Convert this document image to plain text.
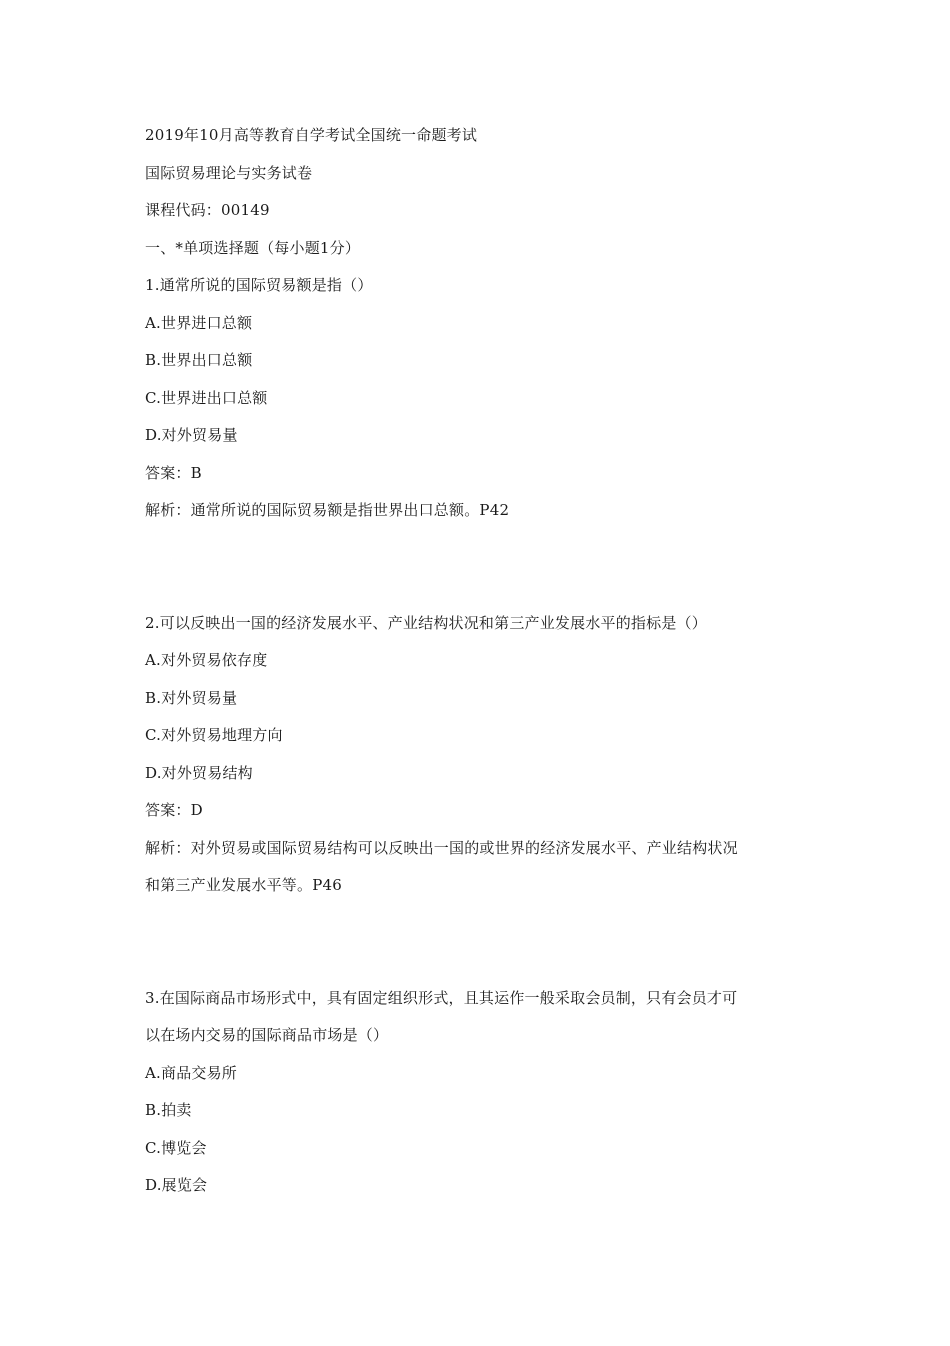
2019年10月高等教育自学考试全国统一命题考试
国际贸易理论与实务试卷
课程代码：00149
一、*单项选择题（每小题1分）
1.通常所说的国际贸易额是指（）
A.世界进口总额
B.世界出口总额
C.世界进出口总额
D.对外贸易量
答案：B
解析：通常所说的国际贸易额是指世界出口总额。P42
2.可以反映出一国的经济发展水平、产业结构状况和第三产业发展水平的指标是（）
A.对外贸易依存度
B.对外贸易量
C.对外贸易地理方向
D.对外贸易结构
答案：D
解析：对外贸易或国际贸易结构可以反映出一国的或世界的经济发展水平、产业结构状况
和第三产业发展水平等。P46
3.在国际商品市场形式中，具有固定组织形式，且其运作一般采取会员制，只有会员才可
以在场内交易的国际商品市场是（）
A.商品交易所
B.拍卖
C.博览会
D.展览会
